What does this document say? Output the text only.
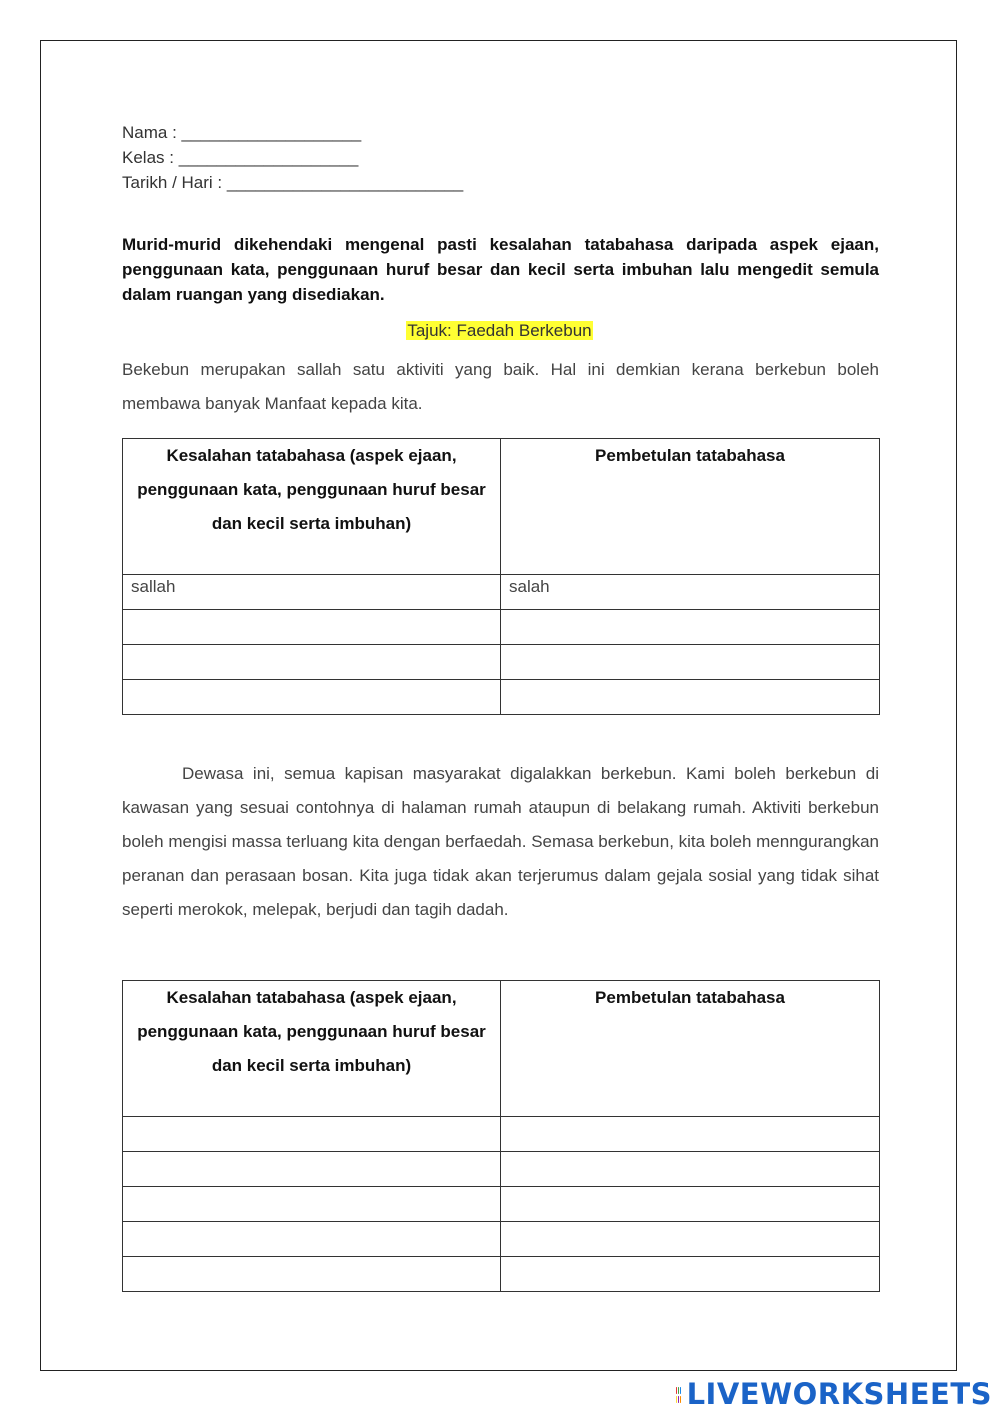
Nama : ___________________
Kelas : ___________________
Tarikh / Hari : _________________________
Murid-murid dikehendaki mengenal pasti kesalahan tatabahasa daripada aspek ejaan, penggunaan kata, penggunaan huruf besar dan kecil serta imbuhan lalu mengedit semula dalam ruangan yang disediakan.
Tajuk: Faedah Berkebun
Bekebun merupakan sallah satu aktiviti yang baik. Hal ini demkian kerana berkebun boleh membawa banyak Manfaat kepada kita.
Kesalahan tatabahasa (aspek ejaan, penggunaan kata, penggunaan huruf besar dan kecil serta imbuhan)	Pembetulan tatabahasa
sallah	salah

Dewasa ini, semua kapisan masyarakat digalakkan berkebun. Kami boleh berkebun di kawasan yang sesuai contohnya di halaman rumah ataupun di belakang rumah. Aktiviti berkebun boleh mengisi massa terluang kita dengan berfaedah. Semasa berkebun, kita boleh menngurangkan peranan dan perasaan bosan. Kita juga tidak akan terjerumus dalam gejala sosial yang tidak sihat seperti merokok, melepak, berjudi dan tagih dadah.
Kesalahan tatabahasa (aspek ejaan, penggunaan kata, penggunaan huruf besar dan kecil serta imbuhan)	Pembetulan tatabahasa

LIVEWORKSHEETS
